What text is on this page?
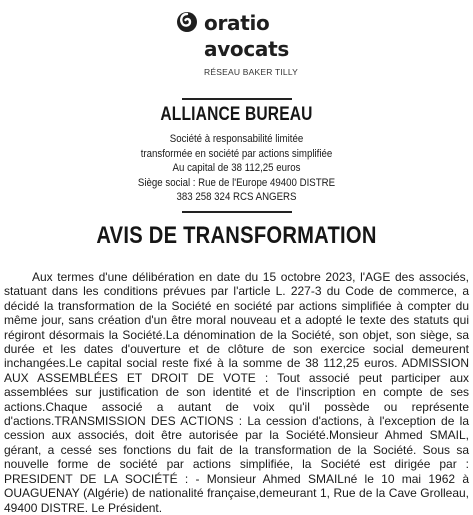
oratio
avocats
RÉSEAU BAKER TILLY
ALLIANCE BUREAU
Société à responsabilité limitée
transformée en société par actions simplifiée
Au capital de 38 112,25 euros
Siège social : Rue de l'Europe 49400 DISTRE
383 258 324 RCS ANGERS
AVIS DE TRANSFORMATION

Aux termes d'une délibération en date du 15 octobre 2023, l'AGE des associés, statuant dans les conditions prévues par l'article L. 227-3 du Code de commerce, a décidé la transformation de la Société en société par actions simplifiée à compter du même jour, sans création d'un être moral nouveau et a adopté le texte des statuts qui régiront désormais la Société.La dénomination de la Société, son objet, son siège, sa durée et les dates d'ouverture et de clôture de son exercice social demeurent inchangées.Le capital social reste fixé à la somme de 38 112,25 euros. ADMISSION AUX ASSEMBLÉES ET DROIT DE VOTE : Tout associé peut participer aux assemblées sur justification de son identité et de l'inscription en compte de ses actions.Chaque associé a autant de voix qu'il possède ou représente d'actions.TRANSMISSION DES ACTIONS : La cession d'actions, à l'exception de la cession aux associés, doit être autorisée par la Société.Monsieur Ahmed SMAIL, gérant, a cessé ses fonctions du fait de la transformation de la Société. Sous sa nouvelle forme de société par actions simplifiée, la Société est dirigée par : PRESIDENT DE LA SOCIÉTÉ : - Monsieur Ahmed SMAILné le 10 mai 1962 à OUAGUENAY (Algérie) de nationalité française,demeurant 1, Rue de la Cave Grolleau, 49400 DISTRE. Le Président.
